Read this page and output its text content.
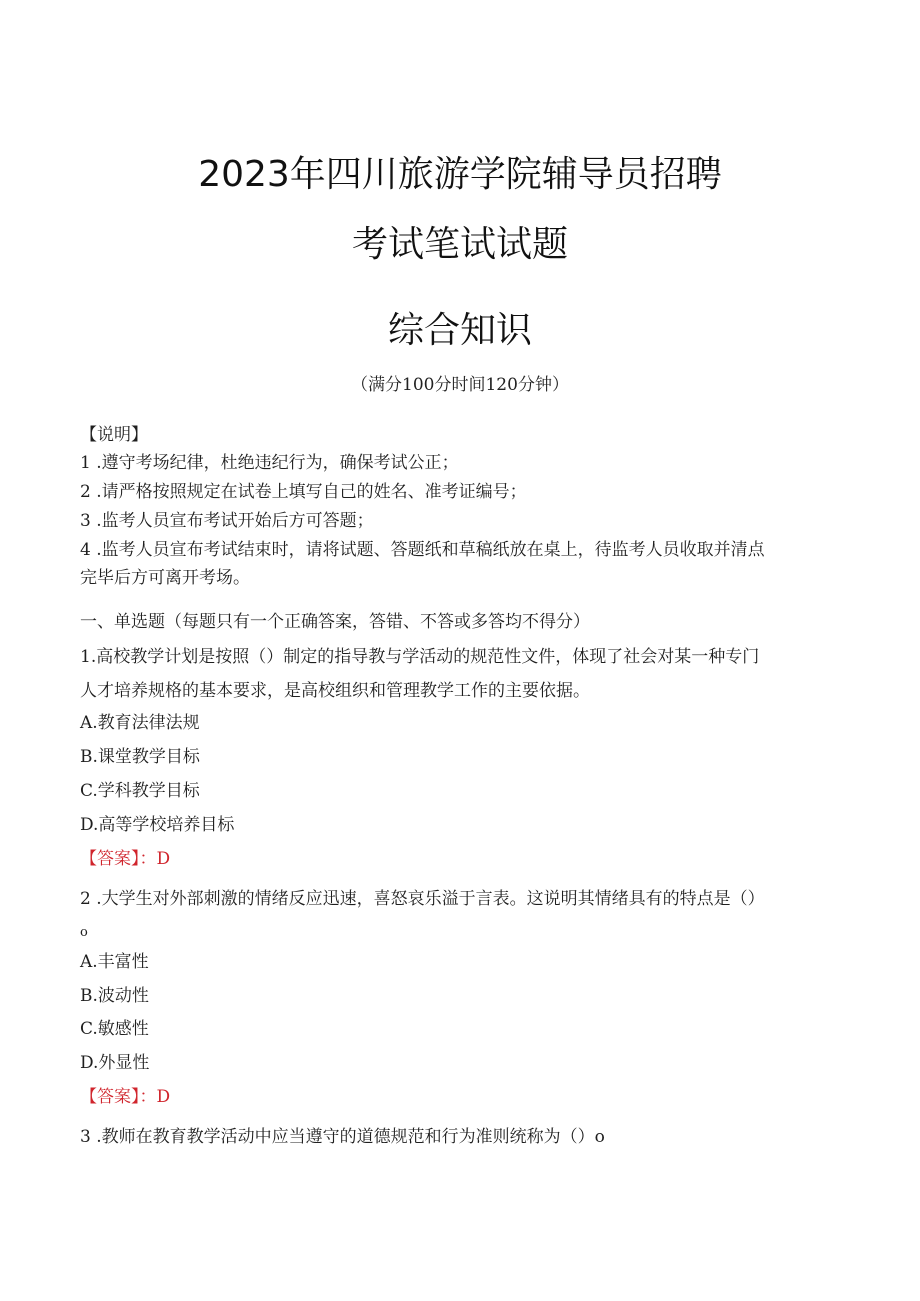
2023年四川旅游学院辅导员招聘
考试笔试试题
综合知识
（满分100分时间120分钟）
【说明】
1 .遵守考场纪律，杜绝违纪行为，确保考试公正；
2 .请严格按照规定在试卷上填写自己的姓名、准考证编号；
3 .监考人员宣布考试开始后方可答题；
4 .监考人员宣布考试结束时，请将试题、答题纸和草稿纸放在桌上，待监考人员收取并清点
完毕后方可离开考场。
一、单选题（每题只有一个正确答案，答错、不答或多答均不得分）
1.高校教学计划是按照（）制定的指导教与学活动的规范性文件，体现了社会对某一种专门
人才培养规格的基本要求，是高校组织和管理教学工作的主要依据。
A.教育法律法规
B.课堂教学目标
C.学科教学目标
D.高等学校培养目标
【答案】：D
2 .大学生对外部刺激的情绪反应迅速，喜怒哀乐溢于言表。这说明其情绪具有的特点是（）
o
A.丰富性
B.波动性
C.敏感性
D.外显性
【答案】：D
3 .教师在教育教学活动中应当遵守的道德规范和行为准则统称为（）o
